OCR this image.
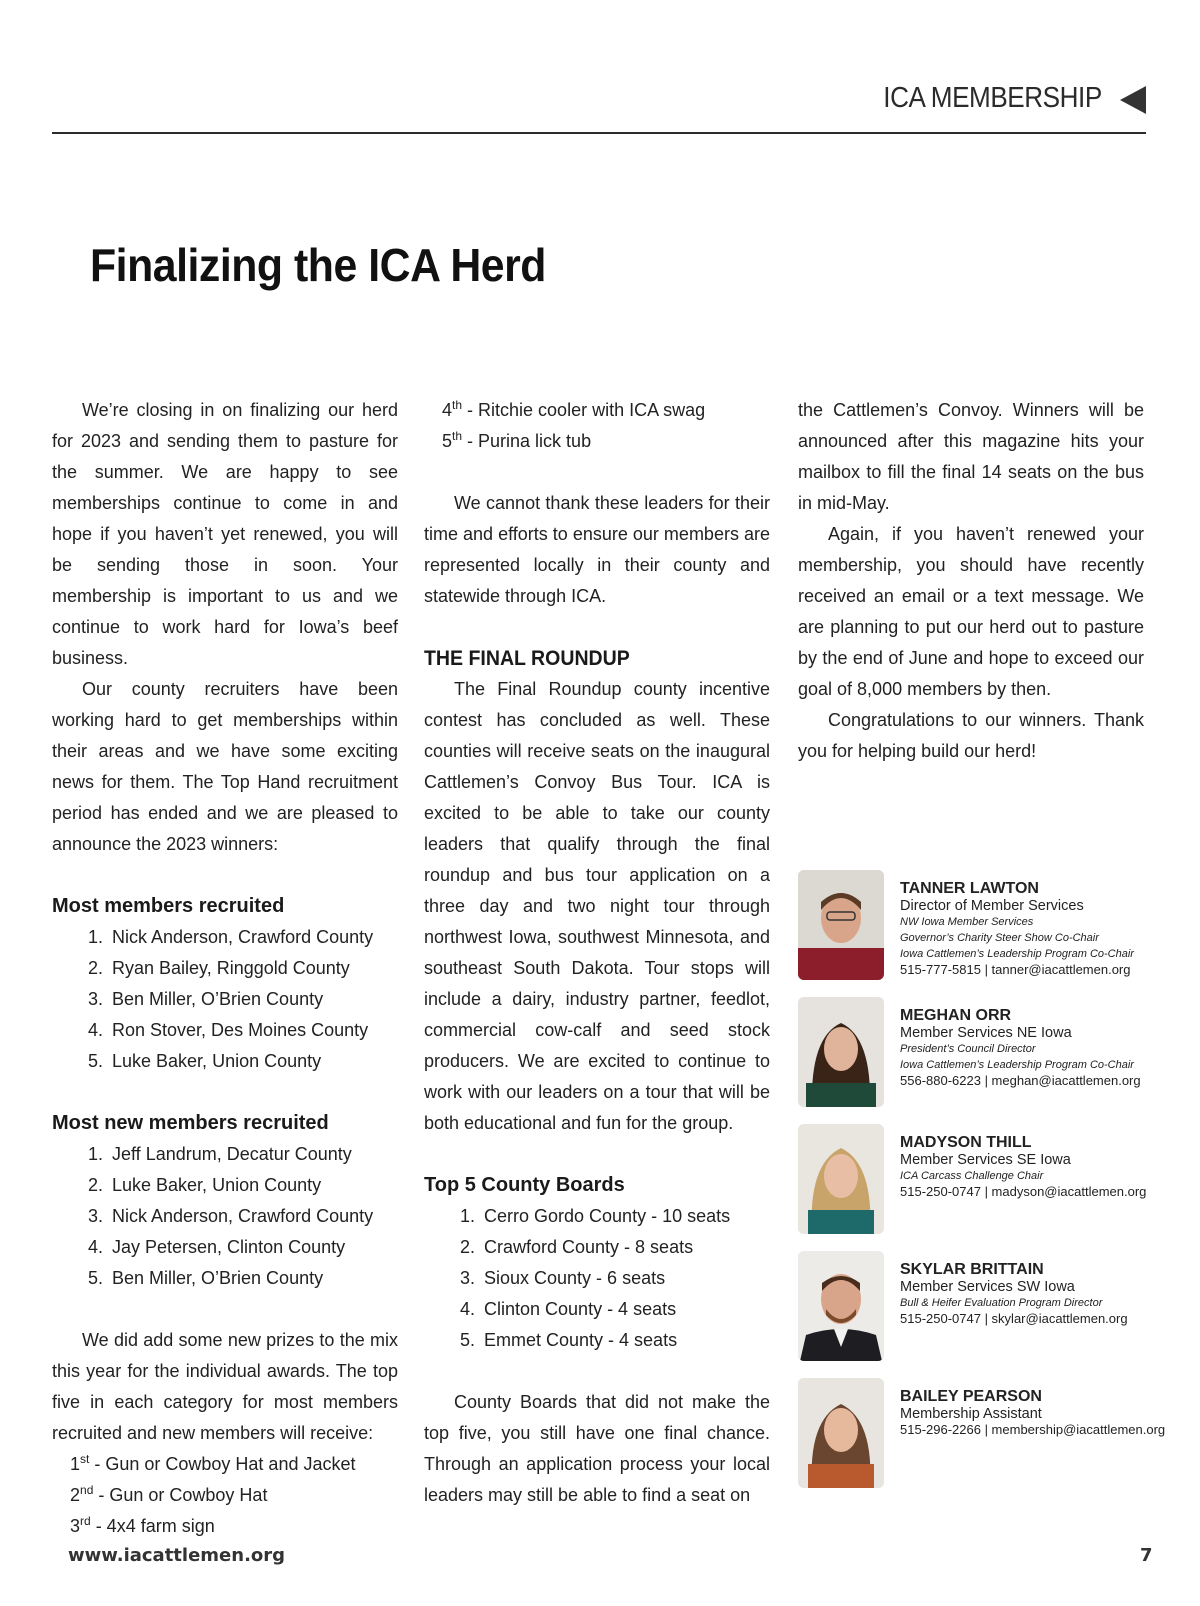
ICA MEMBERSHIP
Finalizing the ICA Herd

We’re closing in on finalizing our herd for 2023 and sending them to pasture for the summer. We are happy to see memberships continue to come in and hope if you haven’t yet renewed, you will be sending those in soon. Your membership is important to us and we continue to work hard for Iowa’s beef business.

Our county recruiters have been working hard to get memberships within their areas and we have some exciting news for them. The Top Hand recruitment period has ended and we are pleased to announce the 2023 winners:

Most members recruited
1. Nick Anderson, Crawford County
2. Ryan Bailey, Ringgold County
3. Ben Miller, O’Brien County
4. Ron Stover, Des Moines County
5. Luke Baker, Union County
Most new members recruited
1. Jeff Landrum, Decatur County
2. Luke Baker, Union County
3. Nick Anderson, Crawford County
4. Jay Petersen, Clinton County
5. Ben Miller, O’Brien County

We did add some new prizes to the mix this year for the individual awards. The top five in each category for most members recruited and new members will receive:

1st - Gun or Cowboy Hat and Jacket
2nd - Gun or Cowboy Hat
3rd - 4x4 farm sign
4th - Ritchie cooler with ICA swag
5th - Purina lick tub

We cannot thank these leaders for their time and efforts to ensure our members are represented locally in their county and statewide through ICA.

THE FINAL ROUNDUP

The Final Roundup county incentive contest has concluded as well. These counties will receive seats on the inaugural Cattlemen’s Convoy Bus Tour. ICA is excited to be able to take our county leaders that qualify through the final roundup and bus tour application on a three day and two night tour through northwest Iowa, southwest Minnesota, and southeast South Dakota. Tour stops will include a dairy, industry partner, feedlot, commercial cow-calf and seed stock producers. We are excited to continue to work with our leaders on a tour that will be both educational and fun for the group.

Top 5 County Boards
1. Cerro Gordo County - 10 seats
2. Crawford County - 8 seats
3. Sioux County - 6 seats
4. Clinton County - 4 seats
5. Emmet County - 4 seats

County Boards that did not make the top five, you still have one final chance. Through an application process your local leaders may still be able to find a seat on

the Cattlemen’s Convoy. Winners will be announced after this magazine hits your mailbox to fill the final 14 seats on the bus in mid-May.

Again, if you haven’t renewed your membership, you should have recently received an email or a text message. We are planning to put our herd out to pasture by the end of June and hope to exceed our goal of 8,000 members by then.

Congratulations to our winners. Thank you for helping build our herd!

TANNER LAWTON
Director of Member Services
NW Iowa Member Services
Governor’s Charity Steer Show Co-Chair
Iowa Cattlemen’s Leadership Program Co-Chair
515-777-5815 | tanner@iacattlemen.org
MEGHAN ORR
Member Services NE Iowa
President’s Council Director
Iowa Cattlemen’s Leadership Program Co-Chair
556-880-6223 | meghan@iacattlemen.org
MADYSON THILL
Member Services SE Iowa
ICA Carcass Challenge Chair
515-250-0747 | madyson@iacattlemen.org
SKYLAR BRITTAIN
Member Services SW Iowa
Bull & Heifer Evaluation Program Director
515-250-0747 | skylar@iacattlemen.org
BAILEY PEARSON
Membership Assistant
515-296-2266 | membership@iacattlemen.org
www.iacattlemen.org	7
